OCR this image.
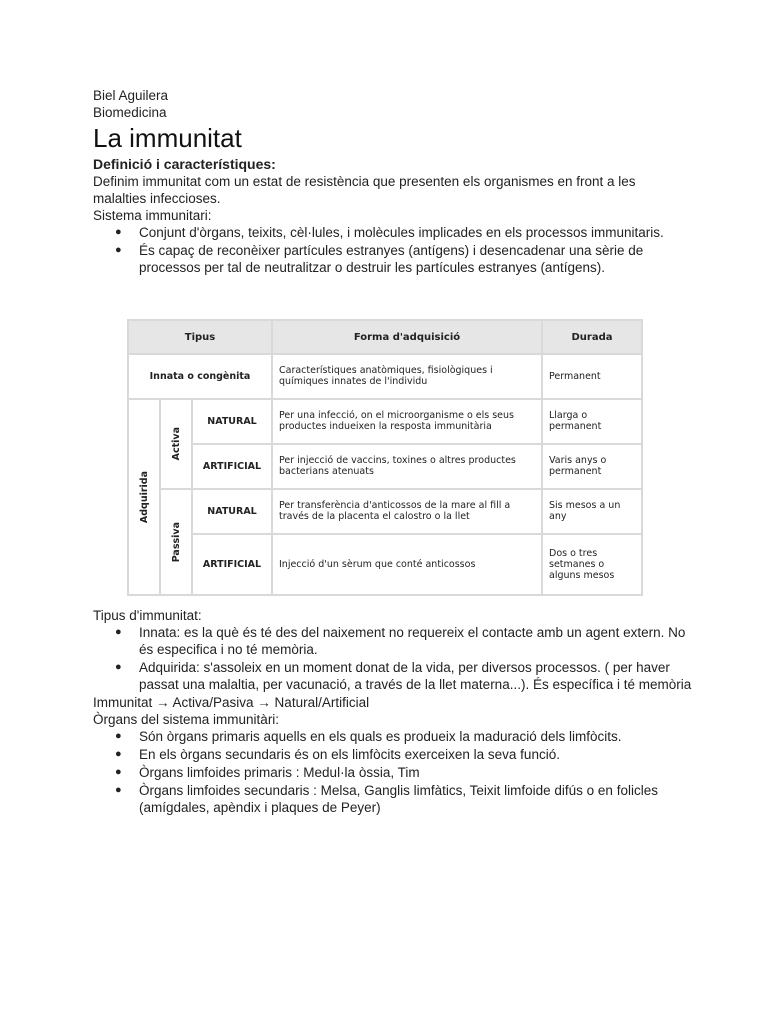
Biel Aguilera

Biomedicina

La immunitat

Definició i característiques:

Definim immunitat com un estat de resistència que presenten els organismes en front a les malalties infeccioses.

Sistema immunitari:

● Conjunt d'òrgans, teixits, cèl·lules, i molècules implicades en els processos immunitaris.
● És capaç de reconèixer partícules estranyes (antígens) i desencadenar una sèrie de processos per tal de neutralitzar o destruir les partícules estranyes (antígens).
Tipus			Forma d'adquisició	Durada
Innata o congènita			Característiques anatòmiques, fisiològiques i químiques innates de l'individu	Permanent

Adquirida	Activa	NATURAL	Per una infecció, on el microorganisme o els seus productes indueixen la resposta immunitària	Llarga o permanent
		ARTIFICIAL	Per injecció de vaccins, toxines o altres productes bacterians atenuats	Varis anys o permanent

	Passiva	NATURAL	Per transferència d'anticossos de la mare al fill a través de la placenta el calostro o la llet	Sis mesos a un any
		ARTIFICIAL	Injecció d'un sèrum que conté anticossos	Dos o tres setmanes o alguns mesos

Tipus d'immunitat:

● Innata: es la què és té des del naixement no requereix el contacte amb un agent extern. No és especifica i no té memòria.
● Adquirida: s'assoleix en un moment donat de la vida, per diversos processos. ( per haver passat una malaltia, per vacunació, a través de la llet materna...). És específica i té memòria

Immunitat → Activa/Pasiva → Natural/Artificial

Òrgans del sistema immunitàri:

● Són òrgans primaris aquells en els quals es produeix la maduració dels limfòcits.
● En els òrgans secundaris és on els limfòcits exerceixen la seva funció.
● Òrgans limfoides primaris : Medul·la òssia, Tim
● Òrgans limfoides secundaris : Melsa, Ganglis limfàtics, Teixit limfoide difús o en folicles (amígdales, apèndix i plaques de Peyer)
